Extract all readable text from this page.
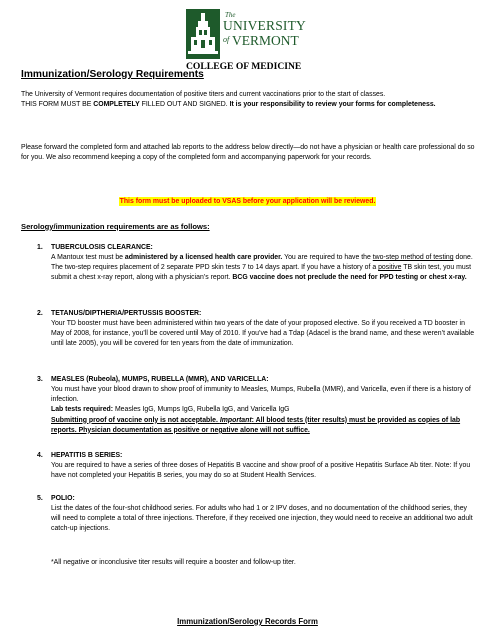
The
UNIVERSITY
of VERMONT
COLLEGE OF MEDICINE
Immunization/Serology Requirements
The University of Vermont requires documentation of positive titers and current vaccinations prior to the start of classes.
THIS FORM MUST BE COMPLETELY FILLED OUT AND SIGNED. It is your responsibility to review your forms for completeness.
Please forward the completed form and attached lab reports to the address below directly—do not have a physician or health care professional do so for you. We also recommend keeping a copy of the completed form and accompanying paperwork for your records.
This form must be uploaded to VSAS before your application will be reviewed.
Serology/immunization requirements are as follows:
1. TUBERCULOSIS CLEARANCE:
A Mantoux test must be administered by a licensed health care provider. You are required to have the two-step method of testing done. The two-step requires placement of 2 separate PPD skin tests 7 to 14 days apart. If you have a history of a positive TB skin test, you must submit a chest x-ray report, along with a physician’s report. BCG vaccine does not preclude the need for PPD testing or chest x-ray.
2. TETANUS/DIPTHERIA/PERTUSSIS BOOSTER:
Your TD booster must have been administered within two years of the date of your proposed elective. So if you received a TD booster in May of 2008, for instance, you’ll be covered until May of 2010. If you’ve had a Tdap (Adacel is the brand name, and these weren’t available until late 2005), you will be covered for ten years from the date of immunization.
3. MEASLES (Rubeola), MUMPS, RUBELLA (MMR), AND VARICELLA:
You must have your blood drawn to show proof of immunity to Measles, Mumps, Rubella (MMR), and Varicella, even if there is a history of infection.
Lab tests required: Measles IgG, Mumps IgG, Rubella IgG, and Varicella IgG
Submitting proof of vaccine only is not acceptable. Important: All blood tests (titer results) must be provided as copies of lab reports. Physician documentation as positive or negative alone will not suffice.
4. HEPATITIS B SERIES:
You are required to have a series of three doses of Hepatitis B vaccine and show proof of a positive Hepatitis Surface Ab titer. Note: If you have not completed your Hepatitis B series, you may do so at Student Health Services.
5. POLIO:
List the dates of the four-shot childhood series. For adults who had 1 or 2 IPV doses, and no documentation of the childhood series, they will need to complete a total of three injections. Therefore, if they received one injection, they would need to receive an additional two adult catch-up injections.
*All negative or inconclusive titer results will require a booster and follow-up titer.
Immunization/Serology Records Form
